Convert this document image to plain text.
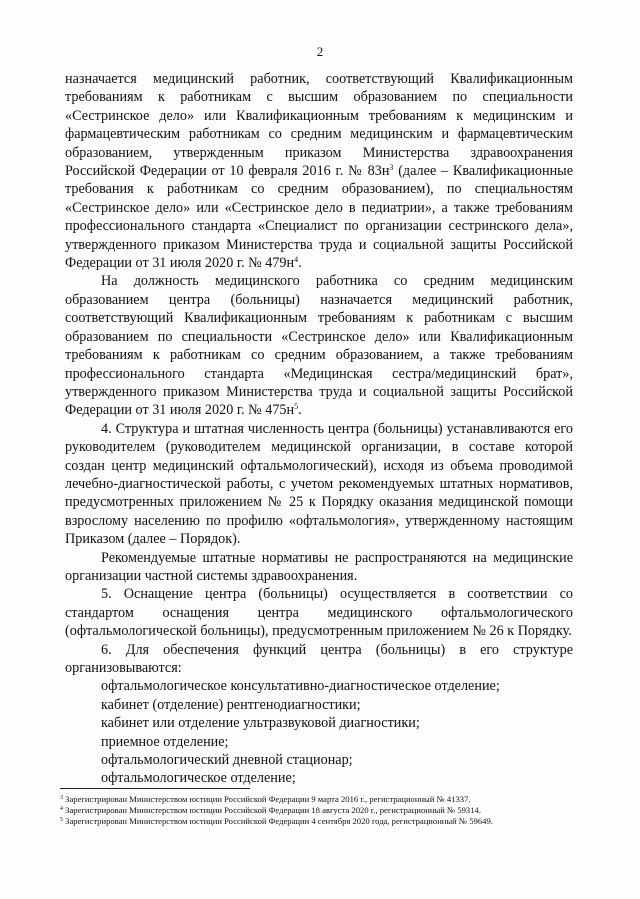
2

назначается медицинский работник, соответствующий Квалификационным требованиям к работникам с высшим образованием по специальности «Сестринское дело» или Квалификационным требованиям к медицинским и фармацевтическим работникам со средним медицинским и фармацевтическим образованием, утвержденным приказом Министерства здравоохранения Российской Федерации от 10 февраля 2016 г. № $83н^3$ (далее – Квалификационные требования к работникам со средним образованием), по специальностям «Сестринское дело» или «Сестринское дело в педиатрии», а также требованиям профессионального стандарта «Специалист по организации сестринского дела», утвержденного приказом Министерства труда и социальной защиты Российской Федерации от 31 июля 2020 г. № $479н^4$.

На должность медицинского работника со средним медицинским образованием центра (больницы) назначается медицинский работник, соответствующий Квалификационным требованиям к работникам с высшим образованием по специальности «Сестринское дело» или Квалификационным требованиям к работникам со средним образованием, а также требованиям профессионального стандарта «Медицинская сестра/медицинский брат», утвержденного приказом Министерства труда и социальной защиты Российской Федерации от 31 июля 2020 г. № $475н^5$.

4. Структура и штатная численность центра (больницы) устанавливаются его руководителем (руководителем медицинской организации, в составе которой создан центр медицинский офтальмологический), исходя из объема проводимой лечебно-диагностической работы, с учетом рекомендуемых штатных нормативов, предусмотренных приложением № 25 к Порядку оказания медицинской помощи взрослому населению по профилю «офтальмология», утвержденному настоящим Приказом (далее – Порядок).

Рекомендуемые штатные нормативы не распространяются на медицинские организации частной системы здравоохранения.

5. Оснащение центра (больницы) осуществляется в соответствии со стандартом оснащения центра медицинского офтальмологического (офтальмологической больницы), предусмотренным приложением № 26 к Порядку.

6. Для обеспечения функций центра (больницы) в его структуре организовываются:

офтальмологическое консультативно-диагностическое отделение;

кабинет (отделение) рентгенодиагностики;

кабинет или отделение ультразвуковой диагностики;

приемное отделение;

офтальмологический дневной стационар;

офтальмологическое отделение;

$^3$ Зарегистрирован Министерством юстиции Российской Федерации 9 марта 2016 г., регистрационный № 41337.
$^4$ Зарегистрирован Министерством юстиции Российской Федерации 18 августа 2020 г., регистрационный № 59314.
$^5$ Зарегистрирован Министерством юстиции Российской Федерации 4 сентября 2020 года, регистрационный № 59649.
